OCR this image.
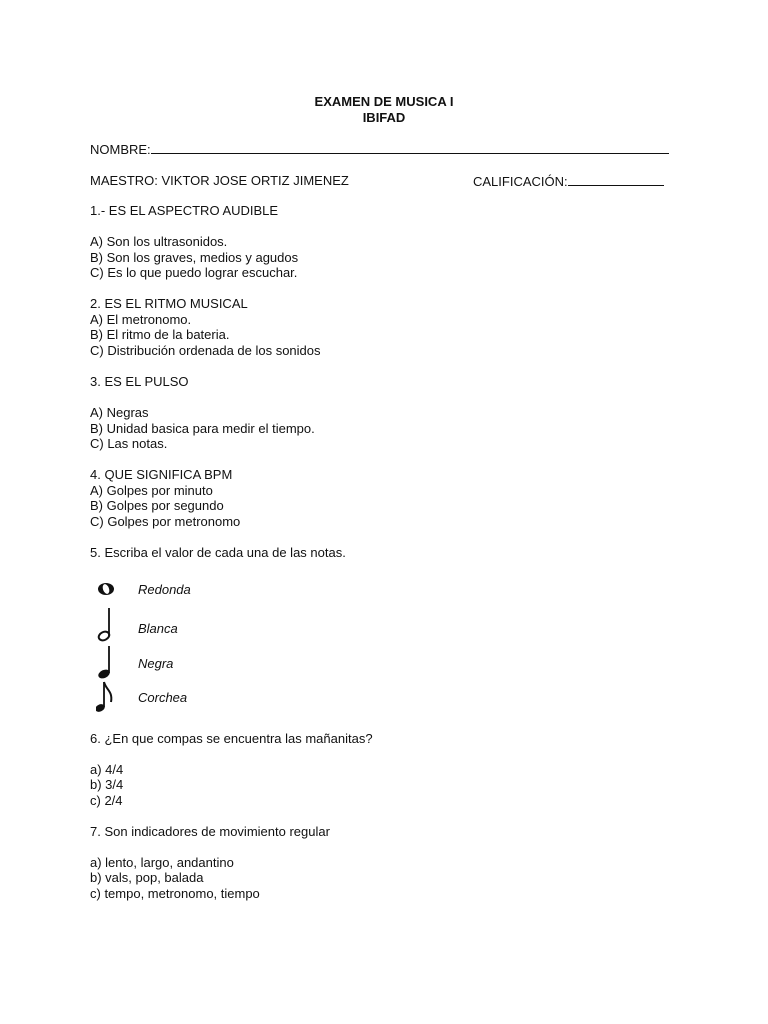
EXAMEN DE MUSICA I
IBIFAD
NOMBRE:
MAESTRO: VIKTOR JOSE ORTIZ JIMENEZ	CALIFICACIÓN:
1.- ES EL ASPECTRO AUDIBLE
A) Son los ultrasonidos.
B) Son los graves, medios y agudos
C) Es lo que puedo lograr escuchar.
2. ES EL RITMO MUSICAL
A) El metronomo.
B) El ritmo de la bateria.
C) Distribución ordenada de los sonidos
3. ES EL PULSO
A) Negras
B) Unidad basica para medir el tiempo.
C) Las notas.
4. QUE SIGNIFICA BPM
A) Golpes por minuto
B) Golpes por segundo
C) Golpes por metronomo
5. Escriba el valor de cada una de las notas.
Redonda
Blanca
Negra
Corchea
6. ¿En que compas se encuentra las mañanitas?
a) 4/4
b) 3/4
c) 2/4
7. Son indicadores de movimiento regular
a) lento, largo, andantino
b) vals, pop, balada
c) tempo, metronomo, tiempo
